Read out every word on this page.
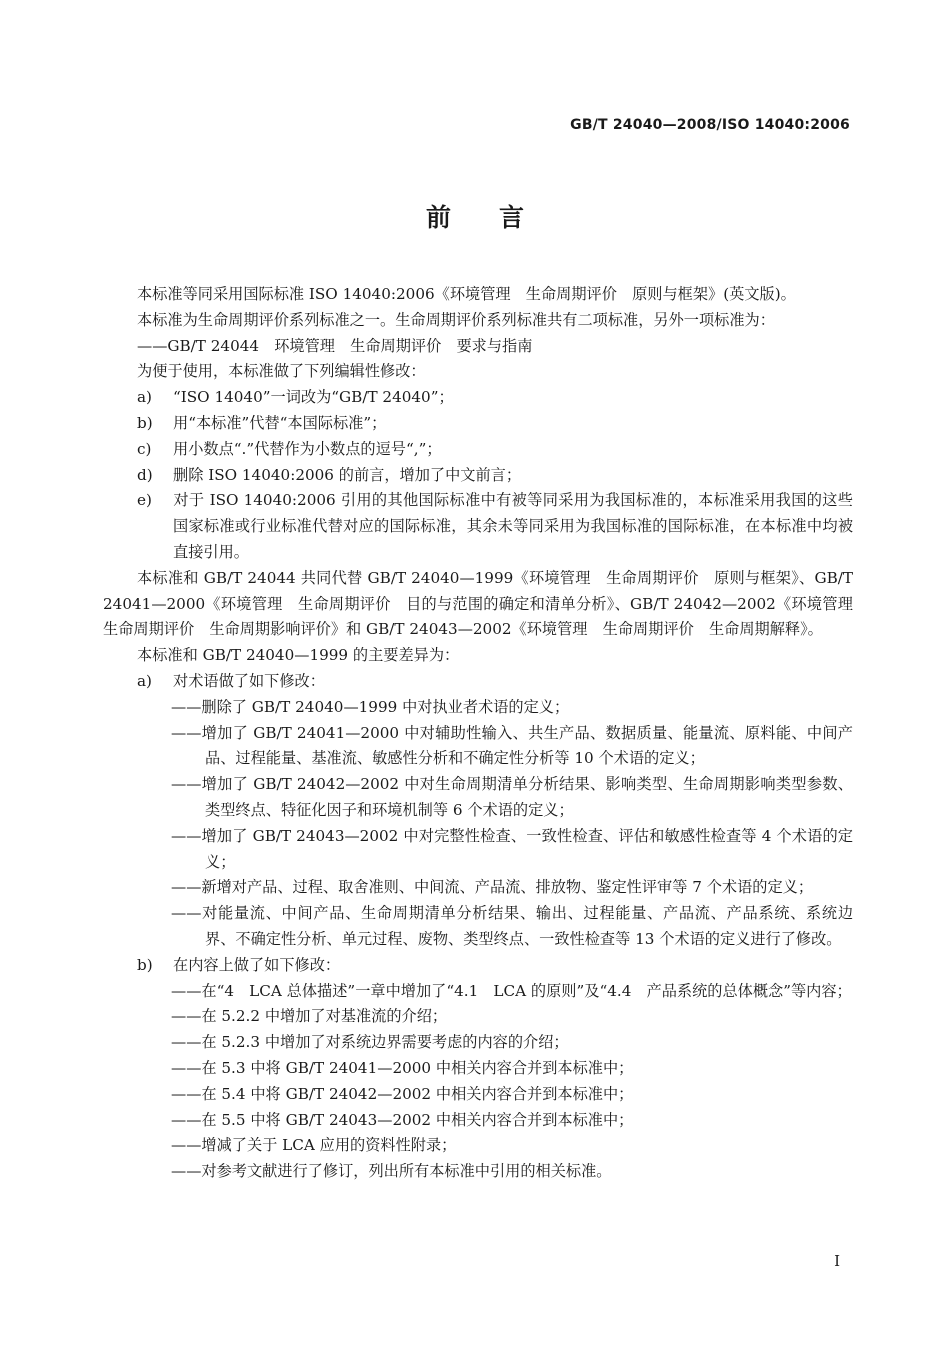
GB/T 24040—2008/ISO 14040:2006
前 言

本标准等同采用国际标准 ISO 14040:2006《环境管理　生命周期评价　原则与框架》(英文版)。

本标准为生命周期评价系列标准之一。生命周期评价系列标准共有二项标准，另外一项标准为：

——GB/T 24044　环境管理　生命周期评价　要求与指南

为便于使用，本标准做了下列编辑性修改：

a) “ISO 14040”一词改为“GB/T 24040”；

b) 用“本标准”代替“本国际标准”；

c) 用小数点“.”代替作为小数点的逗号“,”；

d) 删除 ISO 14040:2006 的前言，增加了中文前言；

e) 对于 ISO 14040:2006 引用的其他国际标准中有被等同采用为我国标准的，本标准采用我国的这些国家标准或行业标准代替对应的国际标准，其余未等同采用为我国标准的国际标准，在本标准中均被直接引用。

本标准和 GB/T 24044 共同代替 GB/T 24040—1999《环境管理　生命周期评价　原则与框架》、GB/T 24041—2000《环境管理　生命周期评价　目的与范围的确定和清单分析》、GB/T 24042—2002《环境管理　生命周期评价　生命周期影响评价》和 GB/T 24043—2002《环境管理　生命周期评价　生命周期解释》。

本标准和 GB/T 24040—1999 的主要差异为：

a) 对术语做了如下修改：

——删除了 GB/T 24040—1999 中对执业者术语的定义；

——增加了 GB/T 24041—2000 中对辅助性输入、共生产品、数据质量、能量流、原料能、中间产品、过程能量、基准流、敏感性分析和不确定性分析等 10 个术语的定义；

——增加了 GB/T 24042—2002 中对生命周期清单分析结果、影响类型、生命周期影响类型参数、类型终点、特征化因子和环境机制等 6 个术语的定义；

——增加了 GB/T 24043—2002 中对完整性检查、一致性检查、评估和敏感性检查等 4 个术语的定义；

——新增对产品、过程、取舍准则、中间流、产品流、排放物、鉴定性评审等 7 个术语的定义；

——对能量流、中间产品、生命周期清单分析结果、输出、过程能量、产品流、产品系统、系统边界、不确定性分析、单元过程、废物、类型终点、一致性检查等 13 个术语的定义进行了修改。

b) 在内容上做了如下修改：

——在“4　LCA 总体描述”一章中增加了“4.1　LCA 的原则”及“4.4　产品系统的总体概念”等内容；

——在 5.2.2 中增加了对基准流的介绍；

——在 5.2.3 中增加了对系统边界需要考虑的内容的介绍；

——在 5.3 中将 GB/T 24041—2000 中相关内容合并到本标准中；

——在 5.4 中将 GB/T 24042—2002 中相关内容合并到本标准中；

——在 5.5 中将 GB/T 24043—2002 中相关内容合并到本标准中；

——增减了关于 LCA 应用的资料性附录；

——对参考文献进行了修订，列出所有本标准中引用的相关标准。

I
